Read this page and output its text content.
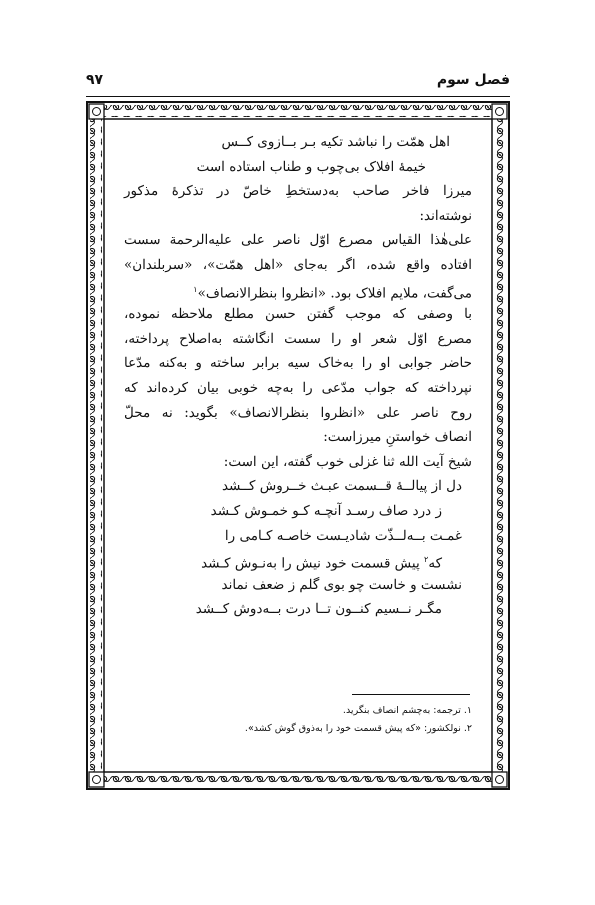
۹۷	فصل سوم
اهل همّت را نباشد تکیه بـر بــازوی کــس
خیمهٔ افلاک بی‌چوب و طناب استاده است
میرزا فاخر صاحب به‌دستخطِ خاصّ در تذکرهٔ مذکور
نوشته‌اند:
علی‌هٰذا القیاس مصرع اوّل ناصر علی علیه‌الرحمة سست
افتاده واقع شده، اگر به‌جای «اهل همّت»، «سربلندان»
می‌گفت، ملایم افلاک بود. «انظروا بنظرالانصاف»$^۱$
با وصفی که موجب گفتن حسن مطلع ملاحظه نموده،
مصرع اوّل شعر او را سست انگاشته به‌اصلاح پرداخته،
حاضر جوابی او را به‌خاک سیه برابر ساخته و به‌کنه مدّعا
نپرداخته که جواب مدّعی را به‌چه خوبی بیان کرده‌اند که
روح ناصر علی «انظروا بنظرالانصاف» بگوید: نه محلّ
انصاف خواستنِ میرزاست:
شیخ آیت الله ثنا غزلی خوب گفته، این است:
دل از پیالــهٔ قــسمت عبـث خــروش کــشد
ز درد صاف رسـد آنچـه کـو خمـوش کـشد
غمـت بــه‌لــذّت شادیـست خاصـه کـامی را
که$^۲$ پیش قسمت خود نیش را به‌نـوش کـشد
نشست و خاست چو بوی گلم ز ضعف نماند
مگـر نــسیم کنــون تــا درت بــه‌دوش کــشد
۱. ترجمه: به‌چشم انصاف بنگرید.
۲. نولکشور: «که پیش قسمت خود را به‌ذوق گوش کشد».
